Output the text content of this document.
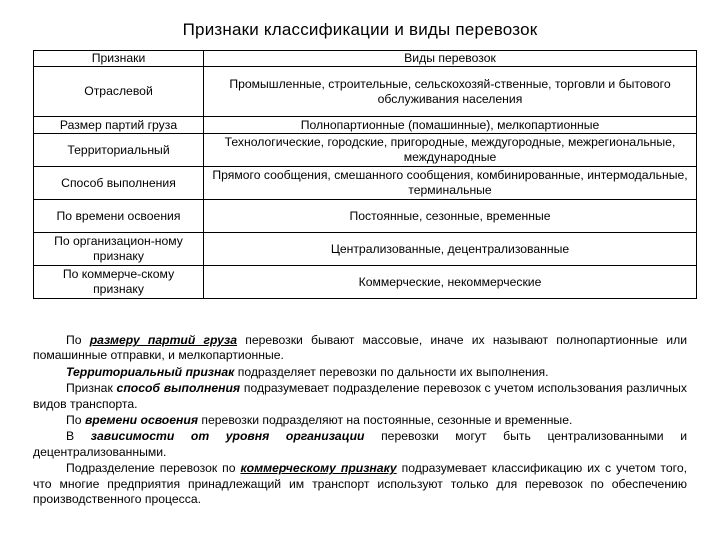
Признаки классификации и виды перевозок
Признаки	Виды перевозок
Отраслевой	Промышленные, строительные, сельскохозяй-ственные, торговли и бытового обслуживания населения
Размер партий груза	Полнопартионные (помашинные), мелкопартионные
Территориальный	Технологические, городские, пригородные, междугородные, межрегиональные, международные
Способ выполнения	Прямого сообщения, смешанного сообщения, комбинированные, интермодальные, терминальные
По времени освоения	Постоянные, сезонные, временные
По организацион-ному признаку	Централизованные, децентрализованные
По коммерче-скому признаку	Коммерческие, некоммерческие

По размеру партий груза перевозки бывают массовые, иначе их называют полнопартионные или помашинные отправки, и мелкопартионные.

Территориальный признак подразделяет перевозки по дальности их выполнения.

Признак способ выполнения подразумевает подразделение перевозок с учетом использования различных видов транспорта.

По времени освоения перевозки подразделяют на постоянные, сезонные и временные.

В зависимости от уровня организации перевозки могут быть централизованными и децентрализованными.

Подразделение перевозок по коммерческому признаку подразумевает классификацию их с учетом того, что многие предприятия принадлежащий им транспорт используют только для перевозок по обеспечению производственного процесса.
